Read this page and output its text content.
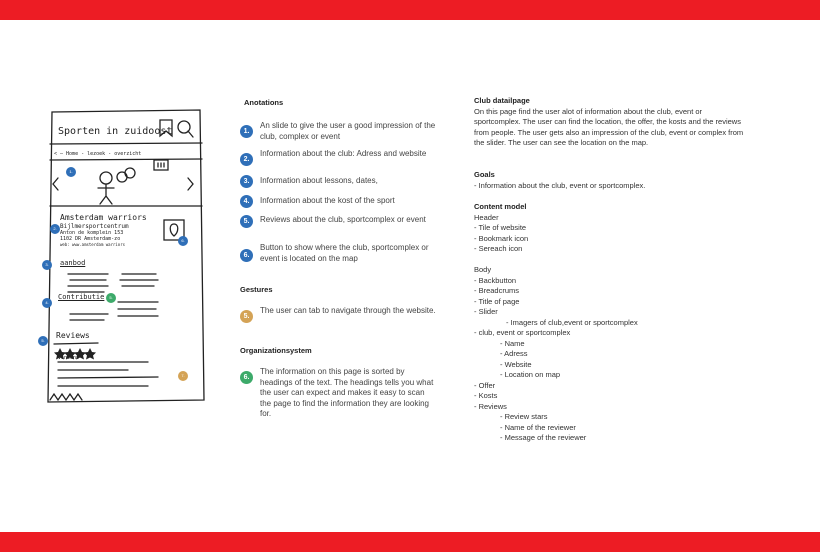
Sporten in zuidoost
< — Home - lezoek - overzicht
Amsterdam warriors
Bijlmersportcentrum
Anton de komplein 153
1102 DR Amsterdam-zo
web: www.amsterdam warriors
aanbod
Contributie
Reviews
vincent
1.
2.
6.
3.
4.
5.
5.
7.
Anotations
1.
An slide to give the user a good impression of the club, complex or event
2.
Information about the club: Adress and website
3.	Information about lessons, dates,
4.	Information about the kost of the sport
5.	Reviews about the club, sportcomplex or event
6.
Button to show where the club, sportcomplex or event is located on the map
Gestures
5.
The user can tab to navigate through the website.
Organizationsystem
6.
The information on this page is sorted by headings of the text. The headings tells you what the user can expect and makes it easy to scan the page to find the information they are looking for.
Club datailpage
On this page find the user alot of information about the club, event or
sportcomplex. The user can find the location, the offer, the kosts and the reviews
from people. The user gets also an impression of the club, event or complex from
the slider. The user can see the location on the map.
Goals
- Information about the club, event or sportcomplex.
Content model
Header
- Tile of website
- Bookmark icon
- Sereach icon
Body
- Backbutton
- Breadcrums
- Title of page
- Slider
- Imagers of club,event or sportcomplex
- club, event or sportcomplex
- Name
- Adress
- Website
- Location on map
- Offer
- Kosts
- Reviews
- Review stars
- Name of the reviewer
- Message of the reviewer
